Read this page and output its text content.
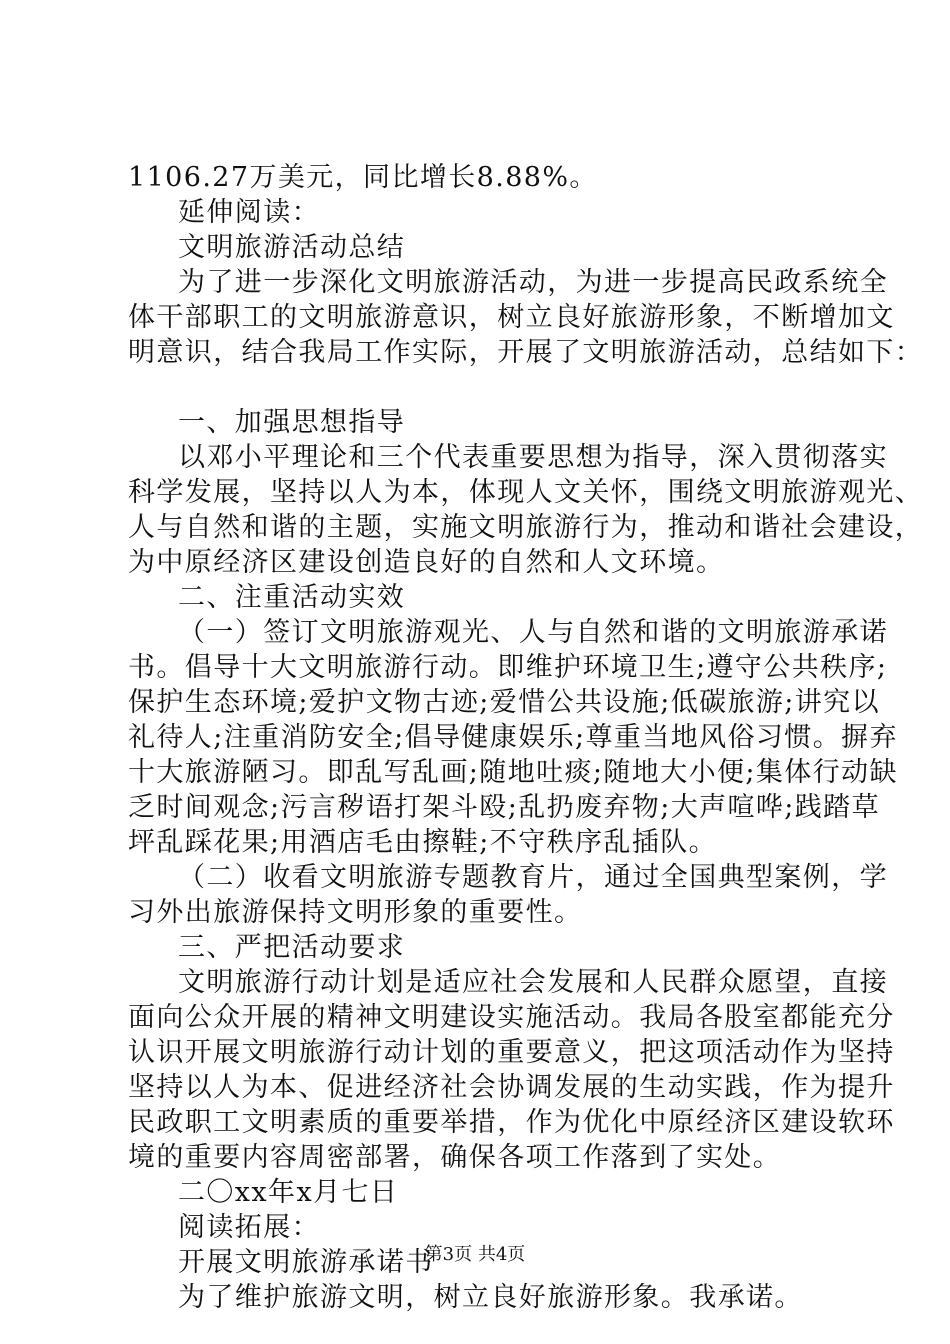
1106.27万美元，同比增长8.88%。
延伸阅读：
文明旅游活动总结
为了进一步深化文明旅游活动，为进一步提高民政系统全
体干部职工的文明旅游意识，树立良好旅游形象，不断增加文
明意识，结合我局工作实际，开展了文明旅游活动，总结如下：
一、加强思想指导
以邓小平理论和三个代表重要思想为指导，深入贯彻落实
科学发展，坚持以人为本，体现人文关怀，围绕文明旅游观光、
人与自然和谐的主题，实施文明旅游行为，推动和谐社会建设，
为中原经济区建设创造良好的自然和人文环境。
二、注重活动实效
（一）签订文明旅游观光、人与自然和谐的文明旅游承诺
书。倡导十大文明旅游行动。即维护环境卫生;遵守公共秩序;
保护生态环境;爱护文物古迹;爱惜公共设施;低碳旅游;讲究以
礼待人;注重消防安全;倡导健康娱乐;尊重当地风俗习惯。摒弃
十大旅游陋习。即乱写乱画;随地吐痰;随地大小便;集体行动缺
乏时间观念;污言秽语打架斗殴;乱扔废弃物;大声喧哗;践踏草
坪乱踩花果;用酒店毛由擦鞋;不守秩序乱插队。
（二）收看文明旅游专题教育片，通过全国典型案例，学
习外出旅游保持文明形象的重要性。
三、严把活动要求
文明旅游行动计划是适应社会发展和人民群众愿望，直接
面向公众开展的精神文明建设实施活动。我局各股室都能充分
认识开展文明旅游行动计划的重要意义，把这项活动作为坚持
坚持以人为本、促进经济社会协调发展的生动实践，作为提升
民政职工文明素质的重要举措，作为优化中原经济区建设软环
境的重要内容周密部署，确保各项工作落到了实处。
二〇xx年x月七日
阅读拓展：
开展文明旅游承诺书
为了维护旅游文明，树立良好旅游形象。我承诺。
第3页 共4页
